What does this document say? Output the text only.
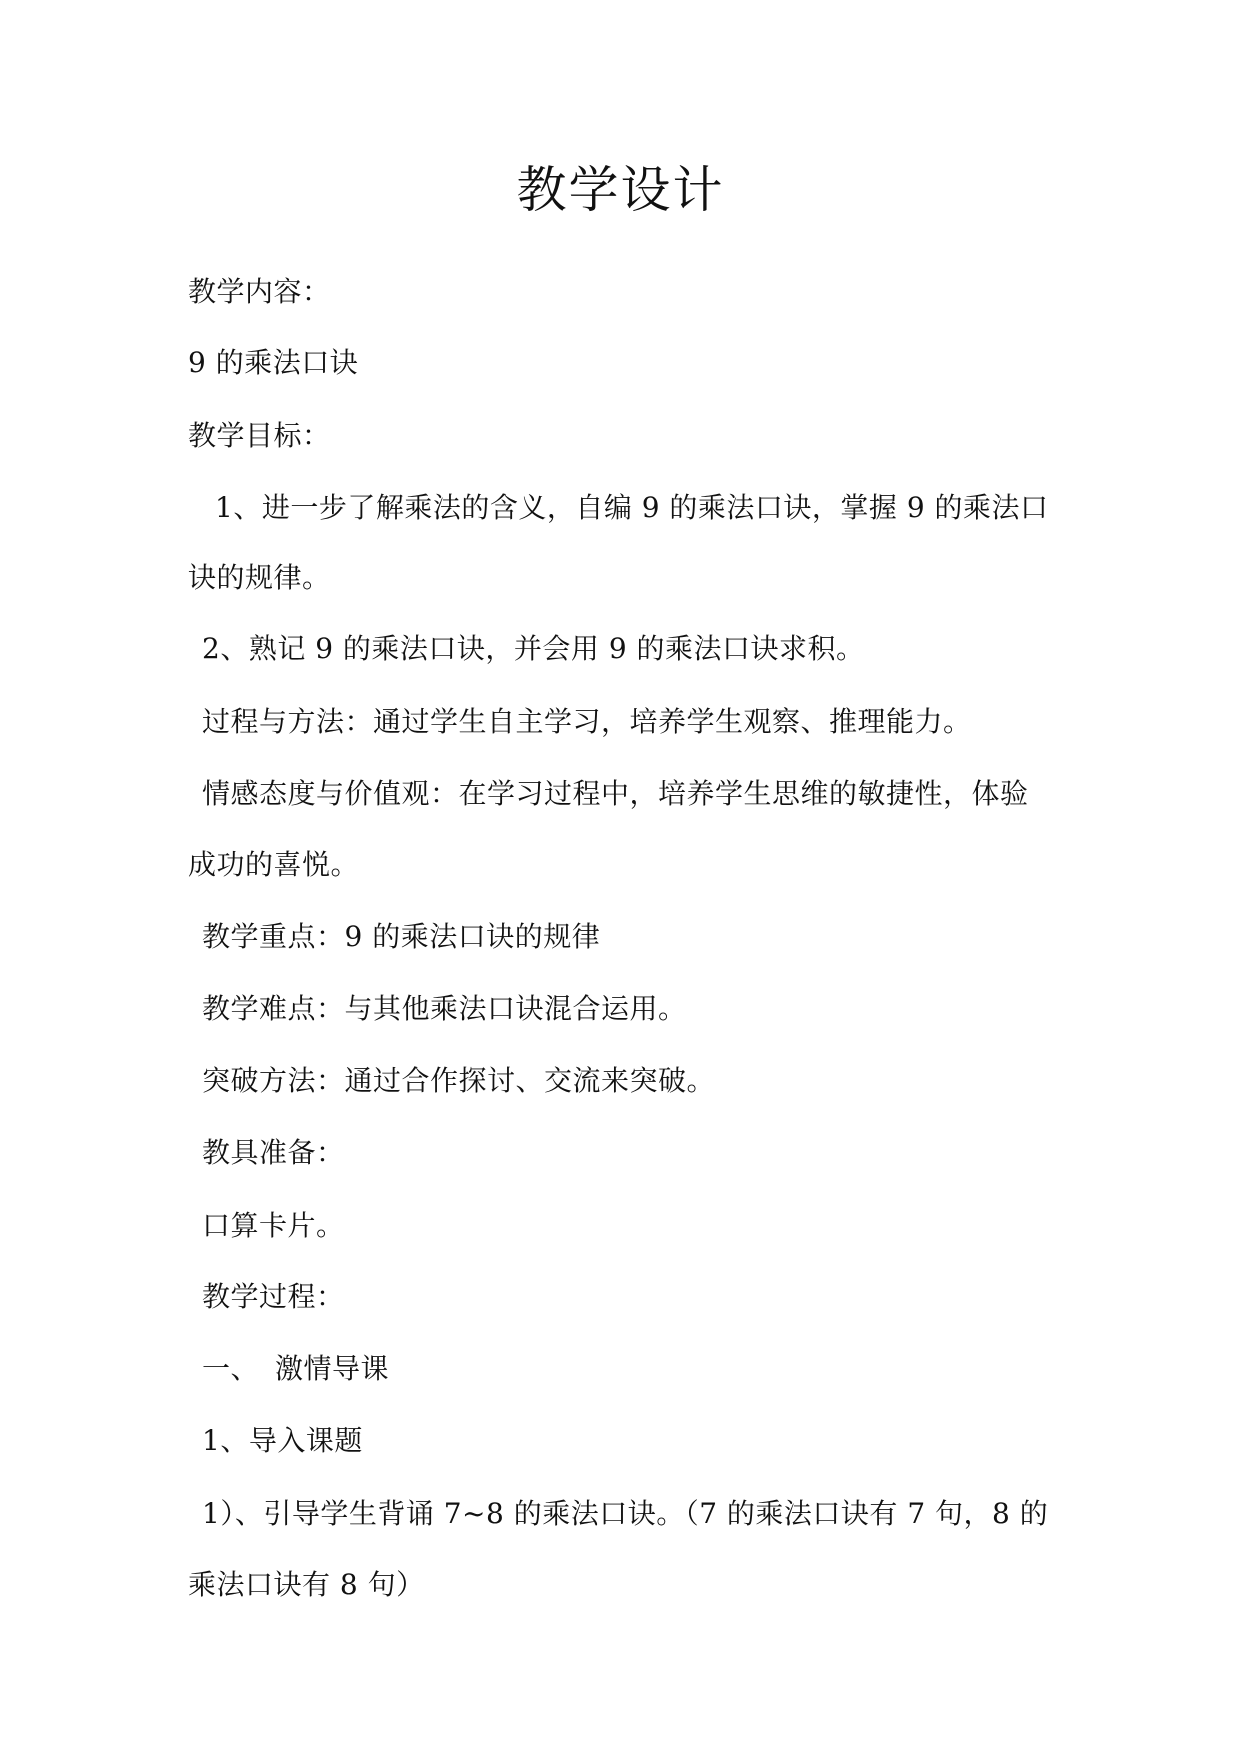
教学设计
教学内容：
9 的乘法口诀
教学目标：
1、进一步了解乘法的含义，自编 9 的乘法口诀，掌握 9 的乘法口
诀的规律。
2、熟记 9 的乘法口诀，并会用 9 的乘法口诀求积。
过程与方法：通过学生自主学习，培养学生观察、推理能力。
情感态度与价值观：在学习过程中，培养学生思维的敏捷性，体验
成功的喜悦。
教学重点：9 的乘法口诀的规律
教学难点：与其他乘法口诀混合运用。
突破方法：通过合作探讨、交流来突破。
教具准备：
口算卡片。
教学过程：
一、 激情导课
1、导入课题
1）、引导学生背诵 7~8 的乘法口诀。（7 的乘法口诀有 7 句，8 的
乘法口诀有 8 句）
